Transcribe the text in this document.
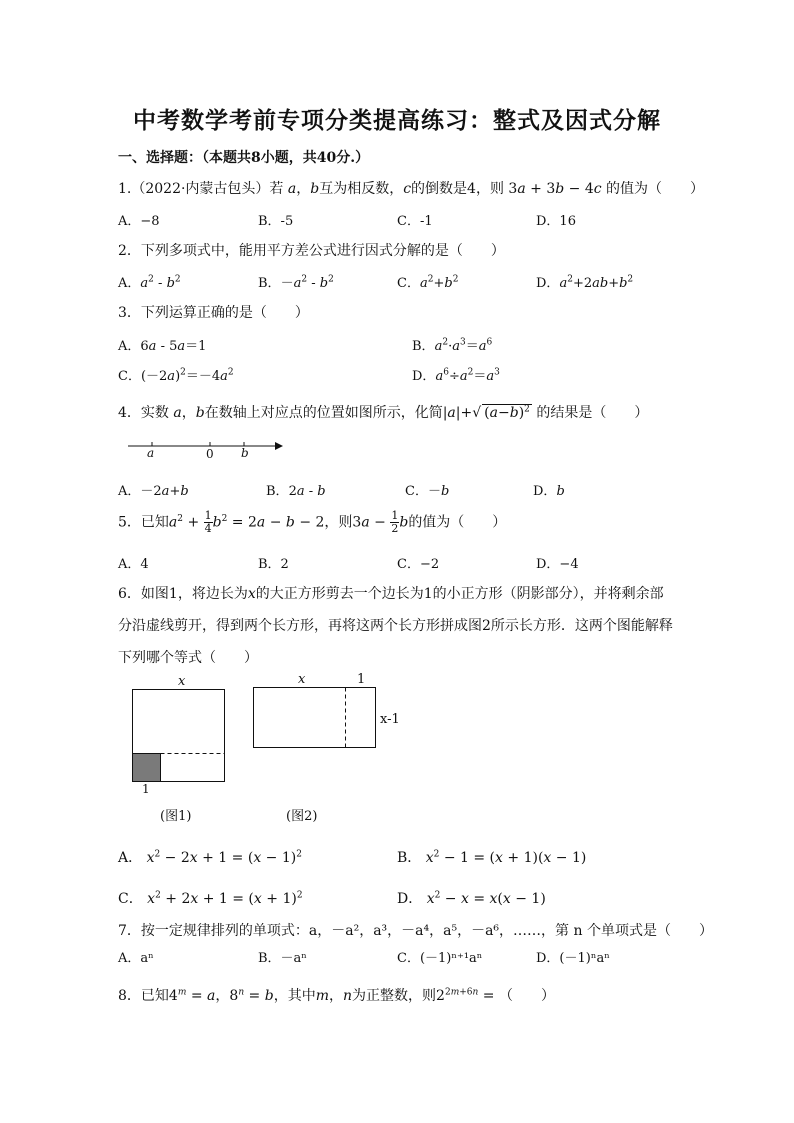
中考数学考前专项分类提高练习：整式及因式分解
一、选择题：（本题共8小题，共40分.）
1.（2022·内蒙古包头）若 a，b互为相反数，c的倒数是4，则 3a + 3b − 4c 的值为（　　）
A．−8	B．-5	C．-1	D．16
2．下列多项式中，能用平方差公式进行因式分解的是（　　）
A．$a^2 - b^2$	B．$-a^2 - b^2$	C．$a^2+b^2$	D．$a^2+2ab+b^2$
3．下列运算正确的是（　　）
A．6a - 5a＝1	B．$a^2\cdot a^3=a^6$
C．$(-2a)^2=-4a^2$	D．$a^6\div a^2=a^3$
4．实数 a，b在数轴上对应点的位置如图所示，化简|a|+√ $(a-b)^2$ 的结果是（　　）
a	0 b
A．－2a+b	B．2a - b	C．－b	D．b
5．已知$a^2 + \frac{1}{4} b^2 = 2a - b - 2$，则$3a - \frac{1}{2}$ b的值为（　　）
A．4	B．2	C．−2	D．−4
6．如图1，将边长为x的大正方形剪去一个边长为1的小正方形（阴影部分），并将剩余部
分沿虚线剪开，得到两个长方形，再将这两个长方形拼成图2所示长方形．这两个图能解释
下列哪个等式（　　）
x
1
x	1
x-1
(图1)	(图2)
A． $x^2 - 2x + 1 = (x - 1)^2$	B． $x^2 - 1 = (x + 1)(x - 1)$
C． $x^2 + 2x + 1 = (x + 1)^2$	D． $x^2 - x = x(x - 1)$
7．按一定规律排列的单项式：a，－a²，a³，－a⁴，a⁵，－a⁶，……，第 n 个单项式是（　　）
A．aⁿ	B．－aⁿ	C．(－1)ⁿ⁺¹aⁿ	D．(－1)ⁿaⁿ
8．已知$4^m = a$，$8^n = b$，其中m，n为正整数，则$2^{2m+6n}$ = （　　）
